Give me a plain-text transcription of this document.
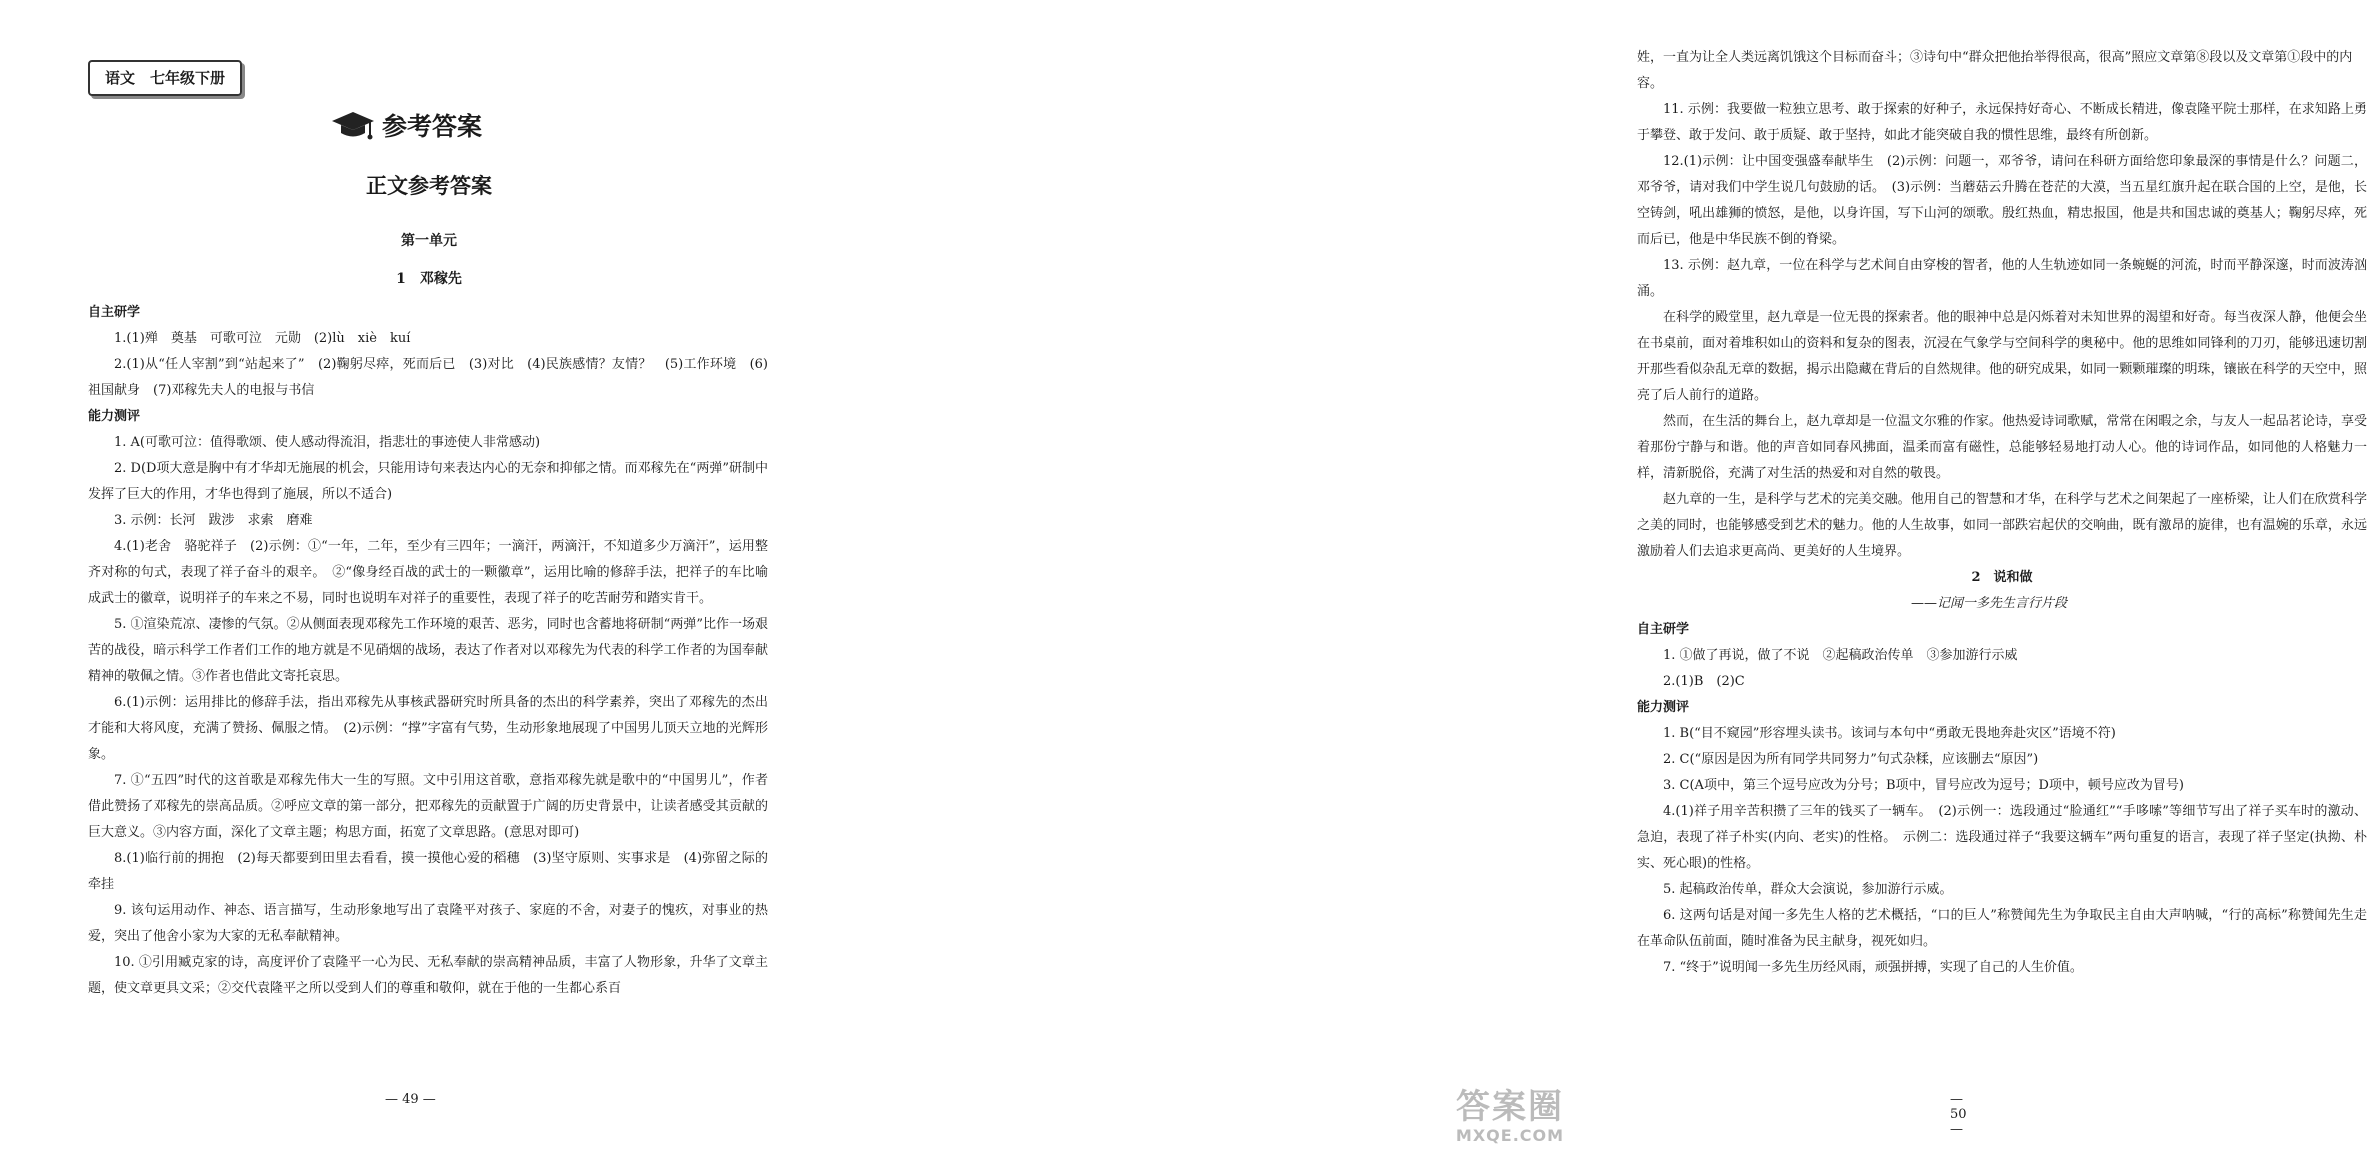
语文　七年级下册
参考答案
正文参考答案
第一单元
1　邓稼先
自主研学
1.(1)殚　奠基　可歌可泣　元勋　(2)lù　xiè　kuí
2.(1)从“任人宰割”到“站起来了”　(2)鞠躬尽瘁，死而后已　(3)对比　(4)民族感情？友情？　(5)工作环境　(6)祖国献身　(7)邓稼先夫人的电报与书信
能力测评
1. A(可歌可泣：值得歌颂、使人感动得流泪，指悲壮的事迹使人非常感动)
2. D(D项大意是胸中有才华却无施展的机会，只能用诗句来表达内心的无奈和抑郁之情。而邓稼先在“两弹”研制中发挥了巨大的作用，才华也得到了施展，所以不适合)
3. 示例：长河　跋涉　求索　磨难
4.(1)老舍　骆驼祥子　(2)示例：①“一年，二年，至少有三四年；一滴汗，两滴汗，不知道多少万滴汗”，运用整齐对称的句式，表现了祥子奋斗的艰辛。　②“像身经百战的武士的一颗徽章”，运用比喻的修辞手法，把祥子的车比喻成武士的徽章，说明祥子的车来之不易，同时也说明车对祥子的重要性，表现了祥子的吃苦耐劳和踏实肯干。
5. ①渲染荒凉、凄惨的气氛。②从侧面表现邓稼先工作环境的艰苦、恶劣，同时也含蓄地将研制“两弹”比作一场艰苦的战役，暗示科学工作者们工作的地方就是不见硝烟的战场，表达了作者对以邓稼先为代表的科学工作者的为国奉献精神的敬佩之情。③作者也借此文寄托哀思。
6.(1)示例：运用排比的修辞手法，指出邓稼先从事核武器研究时所具备的杰出的科学素养，突出了邓稼先的杰出才能和大将风度，充满了赞扬、佩服之情。　(2)示例：“撑”字富有气势，生动形象地展现了中国男儿顶天立地的光辉形象。
7. ①“五四”时代的这首歌是邓稼先伟大一生的写照。文中引用这首歌，意指邓稼先就是歌中的“中国男儿”，作者借此赞扬了邓稼先的崇高品质。②呼应文章的第一部分，把邓稼先的贡献置于广阔的历史背景中，让读者感受其贡献的巨大意义。③内容方面，深化了文章主题；构思方面，拓宽了文章思路。(意思对即可)
8.(1)临行前的拥抱　(2)每天都要到田里去看看，摸一摸他心爱的稻穗　(3)坚守原则、实事求是　(4)弥留之际的牵挂
9. 该句运用动作、神态、语言描写，生动形象地写出了袁隆平对孩子、家庭的不舍，对妻子的愧疚，对事业的热爱，突出了他舍小家为大家的无私奉献精神。
10. ①引用臧克家的诗，高度评价了袁隆平一心为民、无私奉献的崇高精神品质，丰富了人物形象，升华了文章主题，使文章更具文采；②交代袁隆平之所以受到人们的尊重和敬仰，就在于他的一生都心系百
— 49 —
姓，一直为让全人类远离饥饿这个目标而奋斗；③诗句中“群众把他抬举得很高，很高”照应文章第⑧段以及文章第①段中的内容。
11. 示例：我要做一粒独立思考、敢于探索的好种子，永远保持好奇心、不断成长精进，像袁隆平院士那样，在求知路上勇于攀登、敢于发问、敢于质疑、敢于坚持，如此才能突破自我的惯性思维，最终有所创新。
12.(1)示例：让中国变强盛奉献毕生　(2)示例：问题一，邓爷爷，请问在科研方面给您印象最深的事情是什么？问题二，邓爷爷，请对我们中学生说几句鼓励的话。　(3)示例：当蘑菇云升腾在苍茫的大漠，当五星红旗升起在联合国的上空，是他，长空铸剑，吼出雄狮的愤怒，是他，以身许国，写下山河的颂歌。殷红热血，精忠报国，他是共和国忠诚的奠基人；鞠躬尽瘁，死而后已，他是中华民族不倒的脊梁。
13. 示例：赵九章，一位在科学与艺术间自由穿梭的智者，他的人生轨迹如同一条蜿蜒的河流，时而平静深邃，时而波涛汹涌。
在科学的殿堂里，赵九章是一位无畏的探索者。他的眼神中总是闪烁着对未知世界的渴望和好奇。每当夜深人静，他便会坐在书桌前，面对着堆积如山的资料和复杂的图表，沉浸在气象学与空间科学的奥秘中。他的思维如同锋利的刀刃，能够迅速切割开那些看似杂乱无章的数据，揭示出隐藏在背后的自然规律。他的研究成果，如同一颗颗璀璨的明珠，镶嵌在科学的天空中，照亮了后人前行的道路。
然而，在生活的舞台上，赵九章却是一位温文尔雅的作家。他热爱诗词歌赋，常常在闲暇之余，与友人一起品茗论诗，享受着那份宁静与和谐。他的声音如同春风拂面，温柔而富有磁性，总能够轻易地打动人心。他的诗词作品，如同他的人格魅力一样，清新脱俗，充满了对生活的热爱和对自然的敬畏。
赵九章的一生，是科学与艺术的完美交融。他用自己的智慧和才华，在科学与艺术之间架起了一座桥梁，让人们在欣赏科学之美的同时，也能够感受到艺术的魅力。他的人生故事，如同一部跌宕起伏的交响曲，既有激昂的旋律，也有温婉的乐章，永远激励着人们去追求更高尚、更美好的人生境界。
2　说和做
——记闻一多先生言行片段
自主研学
1. ①做了再说，做了不说　②起稿政治传单　③参加游行示威
2.(1)B　(2)C
能力测评
1. B(“目不窥园”形容埋头读书。该词与本句中“勇敢无畏地奔赴灾区”语境不符)
2. C(“原因是因为所有同学共同努力”句式杂糅，应该删去“原因”)
3. C(A项中，第三个逗号应改为分号；B项中，冒号应改为逗号；D项中，顿号应改为冒号)
4.(1)祥子用辛苦积攒了三年的钱买了一辆车。　(2)示例一：选段通过“脸通红”“手哆嗦”等细节写出了祥子买车时的激动、急迫，表现了祥子朴实(内向、老实)的性格。　示例二：选段通过祥子“我要这辆车”两句重复的语言，表现了祥子坚定(执拗、朴实、死心眼)的性格。
5. 起稿政治传单，群众大会演说，参加游行示威。
6. 这两句话是对闻一多先生人格的艺术概括，“口的巨人”称赞闻先生为争取民主自由大声呐喊，“行的高标”称赞闻先生走在革命队伍前面，随时准备为民主献身，视死如归。
7. “终于”说明闻一多先生历经风雨，顽强拼搏，实现了自己的人生价值。
—50—
答案圈
MXQE.COM
